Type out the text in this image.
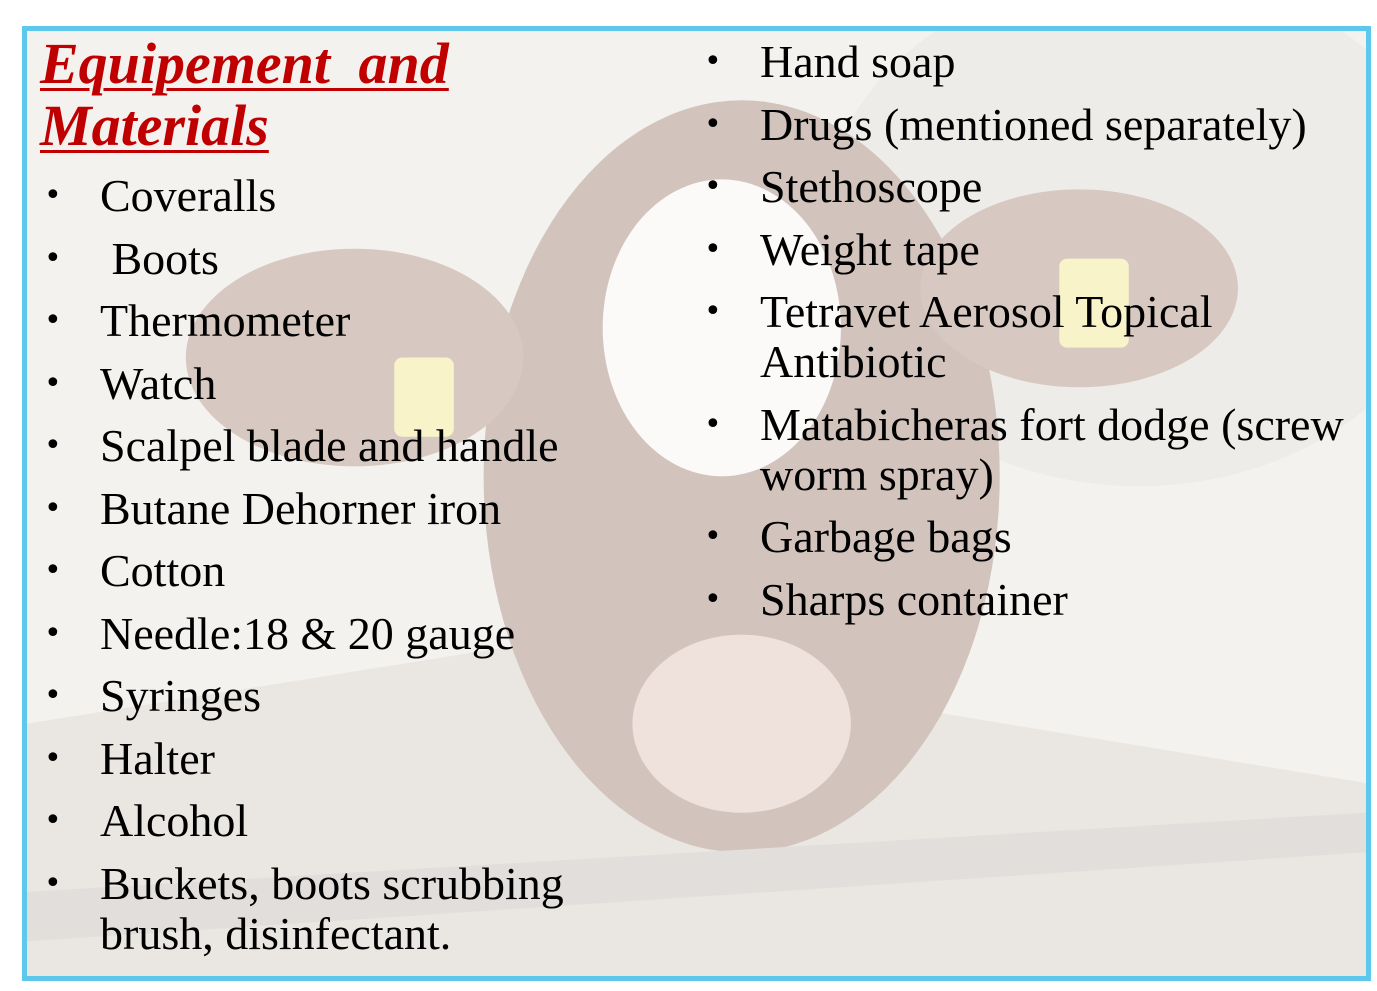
Equipement and
Materials
• Coveralls
• Boots
• Thermometer
• Watch
• Scalpel blade and handle
• Butane Dehorner iron
• Cotton
• Needle:18 & 20 gauge
• Syringes
• Halter
• Alcohol
• Buckets, boots scrubbing brush, disinfectant.
• Hand soap
• Drugs (mentioned separately)
• Stethoscope
• Weight tape
• Tetravet Aerosol Topical Antibiotic
• Matabicheras fort dodge (screw worm spray)
• Garbage bags
• Sharps container
